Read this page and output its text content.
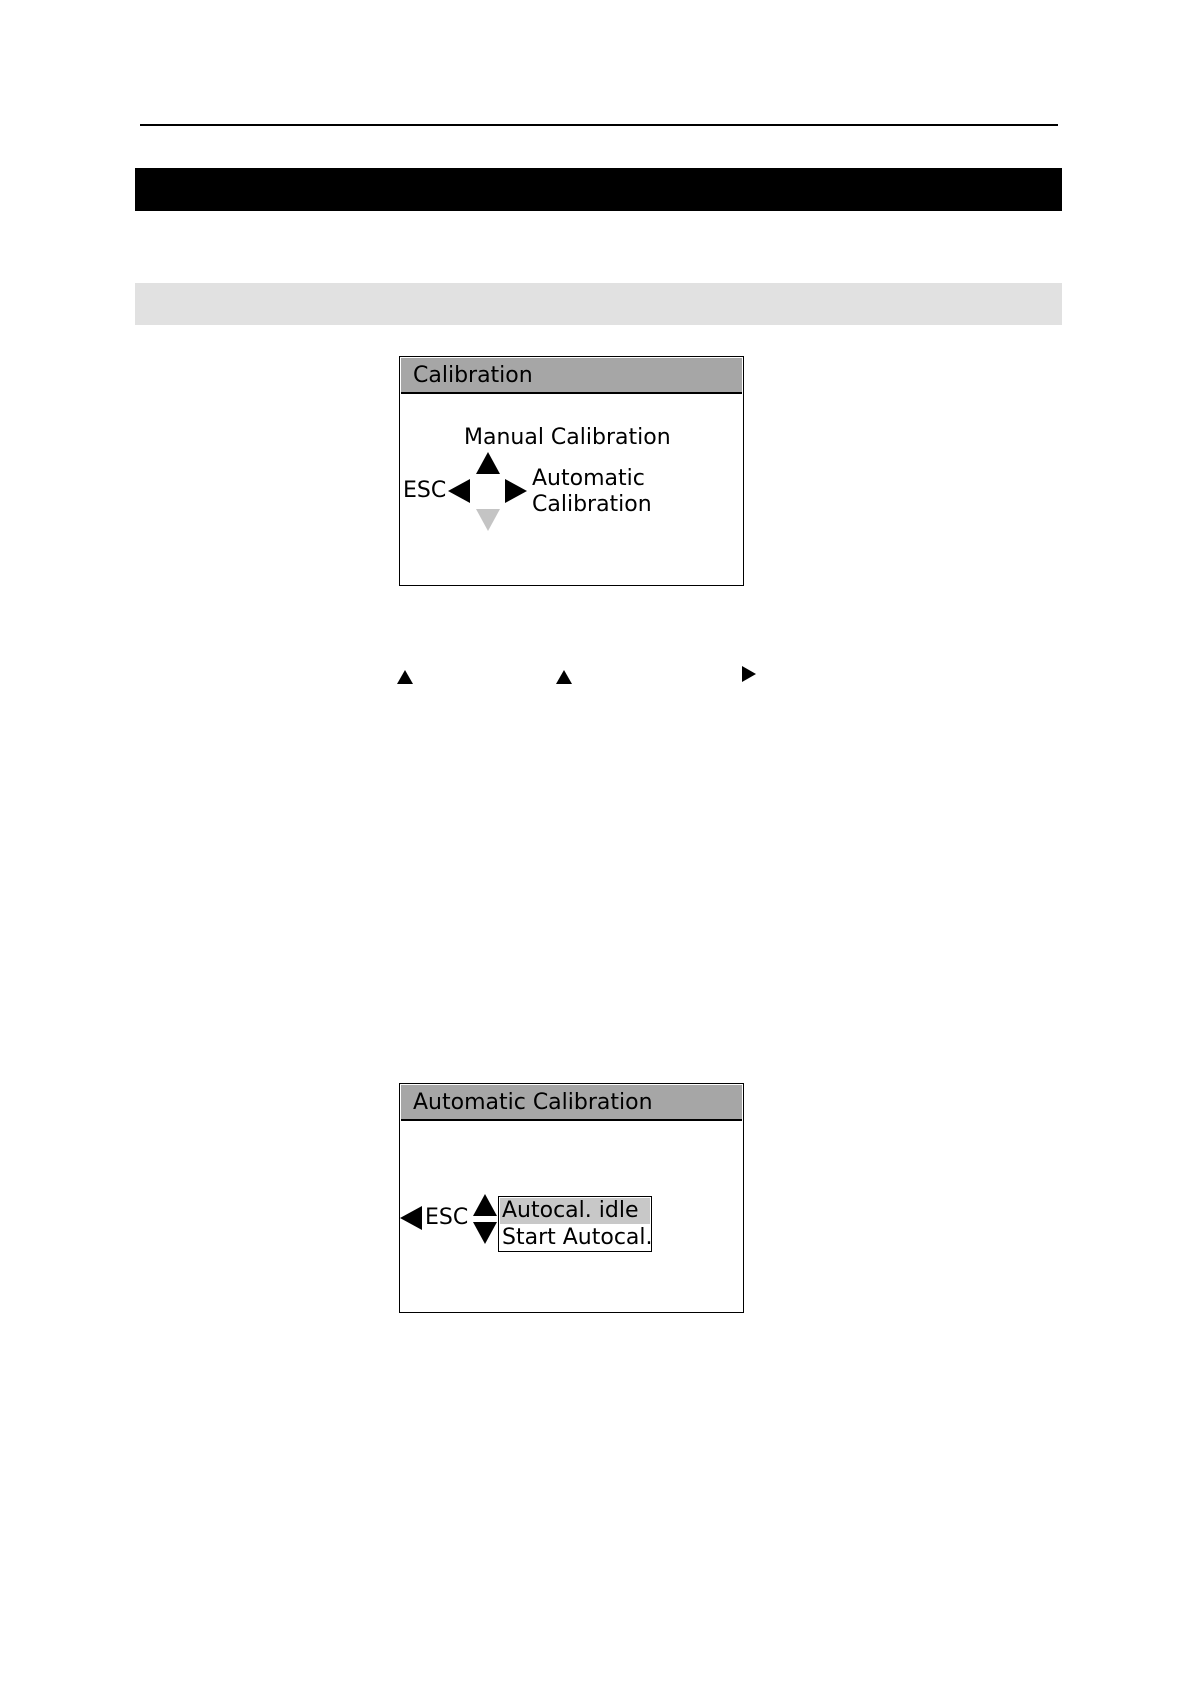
Calibration
Manual Calibration
ESC	Automatic
Calibration
Automatic Calibration
ESC Autocal. idle
Start Autocal.
